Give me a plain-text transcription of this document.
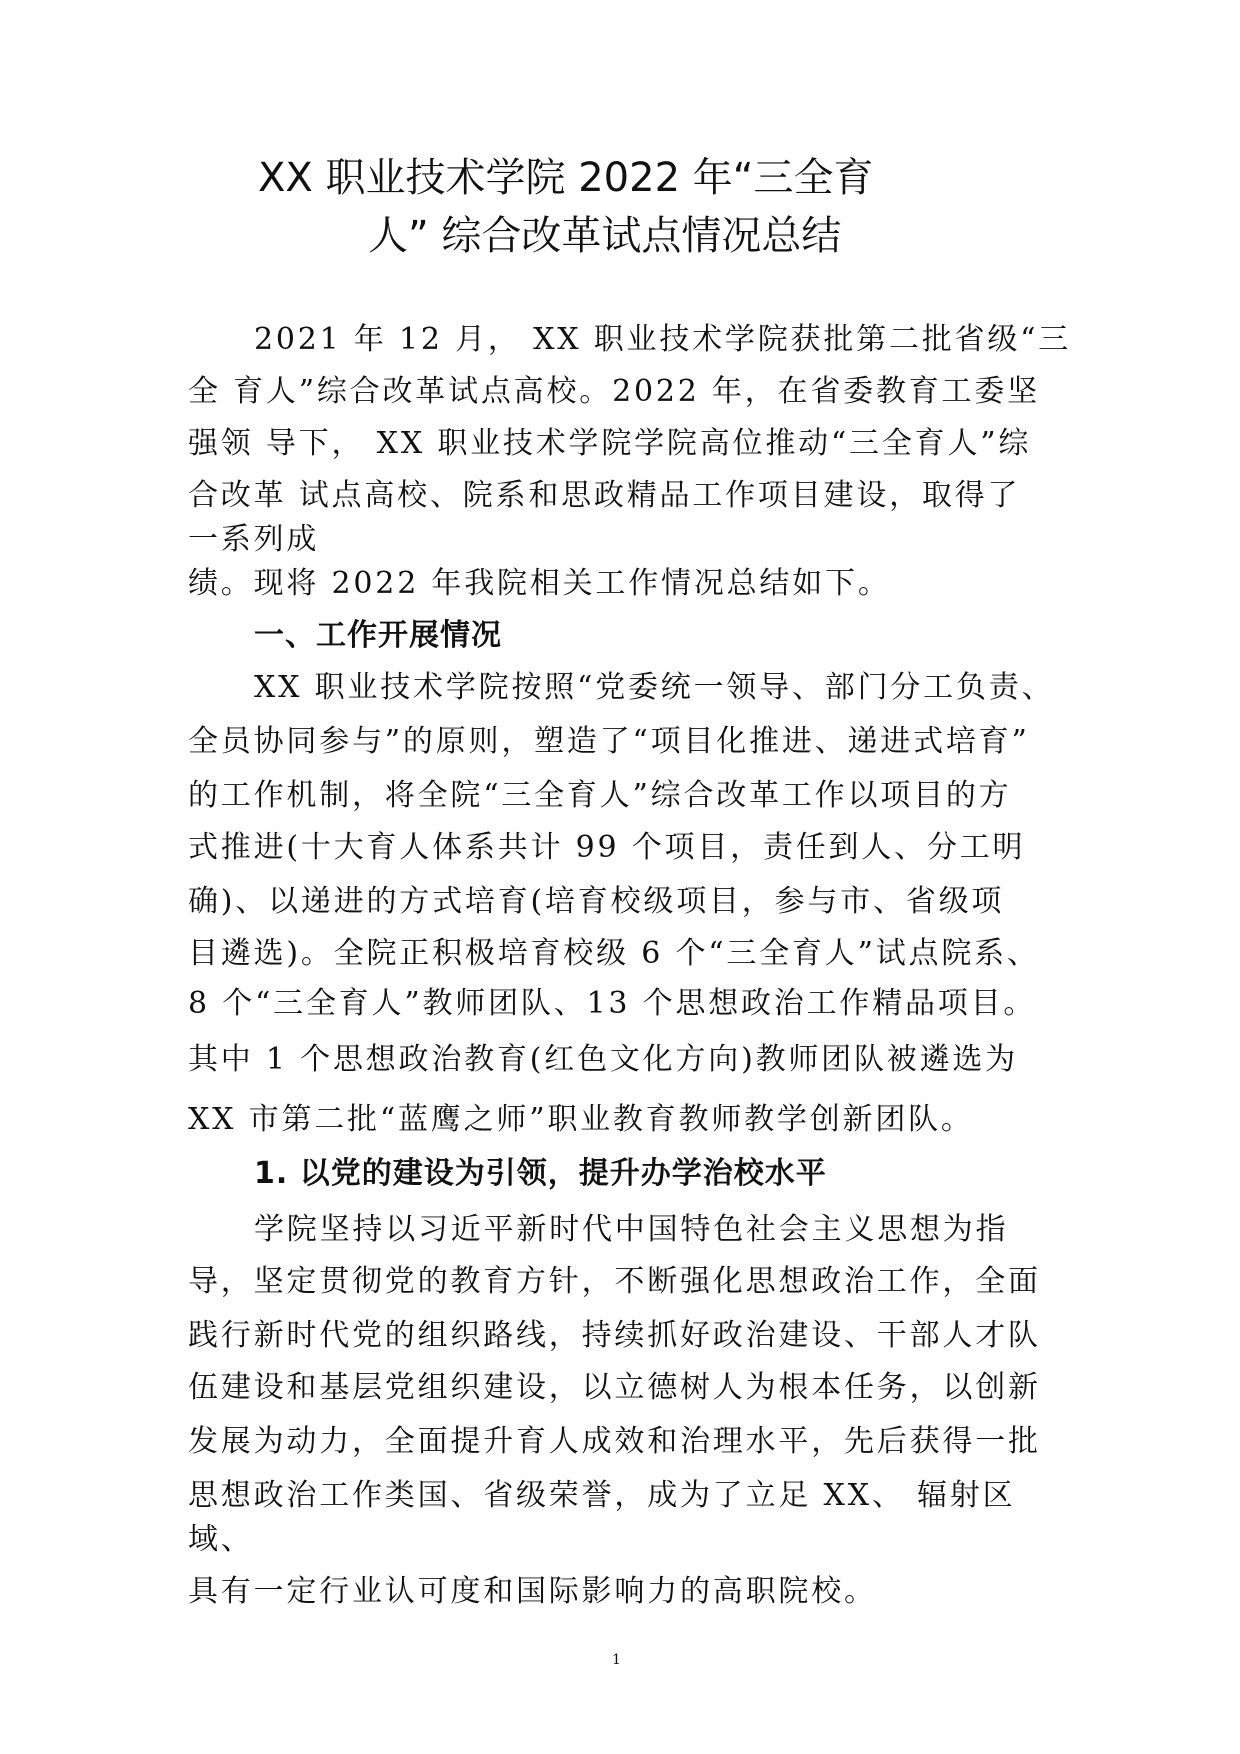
XX 职业技术学院 2022 年“三全育
人” 综合改革试点情况总结
2021 年 12 月， XX 职业技术学院获批第二批省级“三
全 育人”综合改革试点高校。2022 年，在省委教育工委坚
强领 导下， XX 职业技术学院学院高位推动“三全育人”综
合改革 试点高校、院系和思政精品工作项目建设，取得了
一系列成
绩。现将 2022 年我院相关工作情况总结如下。
一、工作开展情况
XX 职业技术学院按照“党委统一领导、部门分工负责、
全员协同参与”的原则，塑造了“项目化推进、递进式培育”
的工作机制，将全院“三全育人”综合改革工作以项目的方
式推进(十大育人体系共计 99 个项目，责任到人、分工明
确)、以递进的方式培育(培育校级项目，参与市、省级项
目遴选)。全院正积极培育校级 6 个“三全育人”试点院系、
8 个“三全育人”教师团队、13 个思想政治工作精品项目。
其中 1 个思想政治教育(红色文化方向)教师团队被遴选为
XX 市第二批“蓝鹰之师”职业教育教师教学创新团队。
1. 以党的建设为引领，提升办学治校水平
学院坚持以习近平新时代中国特色社会主义思想为指
导，坚定贯彻党的教育方针，不断强化思想政治工作，全面
践行新时代党的组织路线，持续抓好政治建设、干部人才队
伍建设和基层党组织建设，以立德树人为根本任务，以创新
发展为动力，全面提升育人成效和治理水平，先后获得一批
思想政治工作类国、省级荣誉，成为了立足 XX、 辐射区
域、
具有一定行业认可度和国际影响力的高职院校。
1
